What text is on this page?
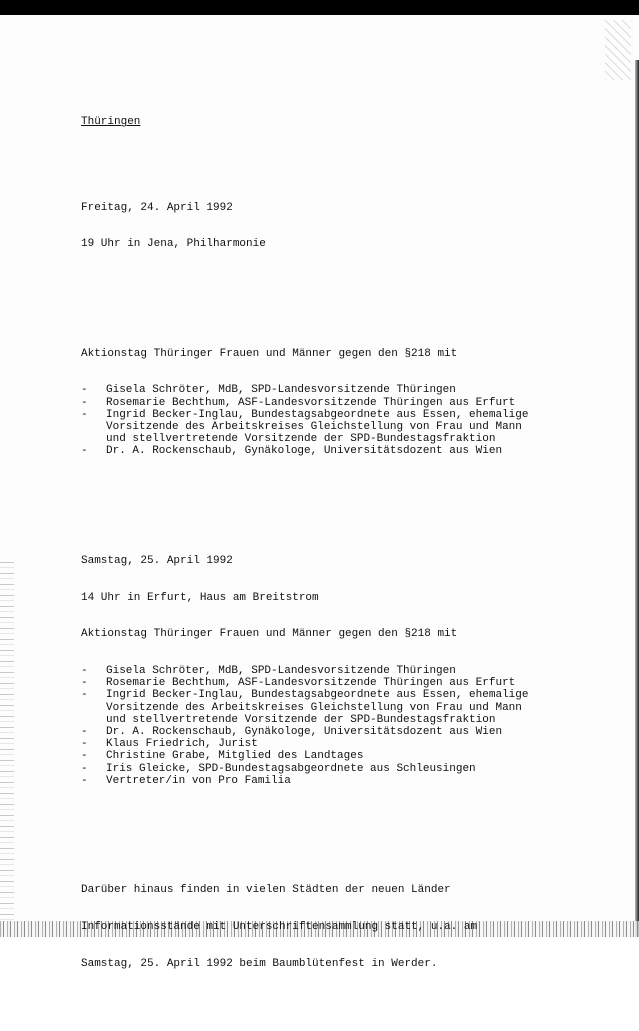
Thüringen

Freitag, 24. April 1992

19 Uhr in Jena, Philharmonie

Aktionstag Thüringer Frauen und Männer gegen den §218 mit

-	Gisela Schröter, MdB, SPD-Landesvorsitzende Thüringen
-	Rosemarie Bechthum, ASF-Landesvorsitzende Thüringen aus Erfurt
-	Ingrid Becker-Inglau, Bundestagsabgeordnete aus Essen, ehemalige
Vorsitzende des Arbeitskreises Gleichstellung von Frau und Mann
und stellvertretende Vorsitzende der SPD-Bundestagsfraktion
-	Dr. A. Rockenschaub, Gynäkologe, Universitätsdozent aus Wien

Samstag, 25. April 1992

14 Uhr in Erfurt, Haus am Breitstrom

Aktionstag Thüringer Frauen und Männer gegen den §218 mit

-	Gisela Schröter, MdB, SPD-Landesvorsitzende Thüringen
-	Rosemarie Bechthum, ASF-Landesvorsitzende Thüringen aus Erfurt
-	Ingrid Becker-Inglau, Bundestagsabgeordnete aus Essen, ehemalige
Vorsitzende des Arbeitskreises Gleichstellung von Frau und Mann
und stellvertretende Vorsitzende der SPD-Bundestagsfraktion
-	Dr. A. Rockenschaub, Gynäkologe, Universitätsdozent aus Wien
-	Klaus Friedrich, Jurist
-	Christine Grabe, Mitglied des Landtages
-	Iris Gleicke, SPD-Bundestagsabgeordnete aus Schleusingen
-	Vertreter/in von Pro Familia

Darüber hinaus finden in vielen Städten der neuen Länder

Informationsstände mit Unterschriftensammlung statt, u.a. am

Samstag, 25. April 1992 beim Baumblütenfest in Werder.
